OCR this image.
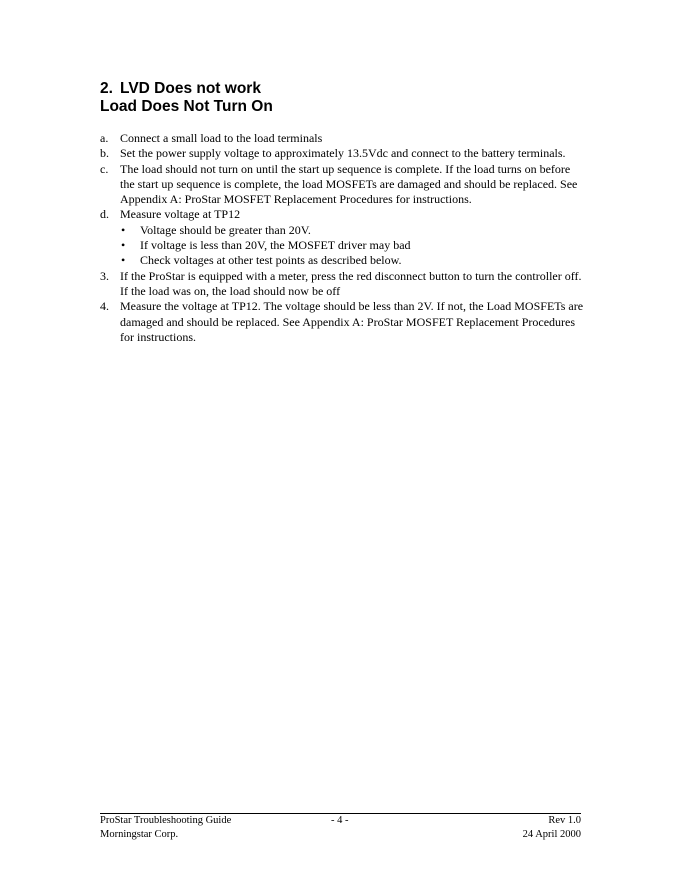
2. LVD Does not work
Load Does Not Turn On
a. Connect a small load to the load terminals
b. Set the power supply voltage to approximately 13.5Vdc and connect to the battery terminals.
c. The load should not turn on until the start up sequence is complete. If the load turns on before the start up sequence is complete, the load MOSFETs are damaged and should be replaced. See Appendix A: ProStar MOSFET Replacement Procedures for instructions.
d. Measure voltage at TP12
• Voltage should be greater than 20V.
• If voltage is less than 20V, the MOSFET driver may bad
• Check voltages at other test points as described below.
3. If the ProStar is equipped with a meter, press the red disconnect button to turn the controller off. If the load was on, the load should now be off
4. Measure the voltage at TP12. The voltage should be less than 2V. If not, the Load MOSFETs are damaged and should be replaced. See Appendix A: ProStar MOSFET Replacement Procedures for instructions.
ProStar Troubleshooting Guide	- 4 -	Rev 1.0
Morningstar Corp.	24 April 2000
